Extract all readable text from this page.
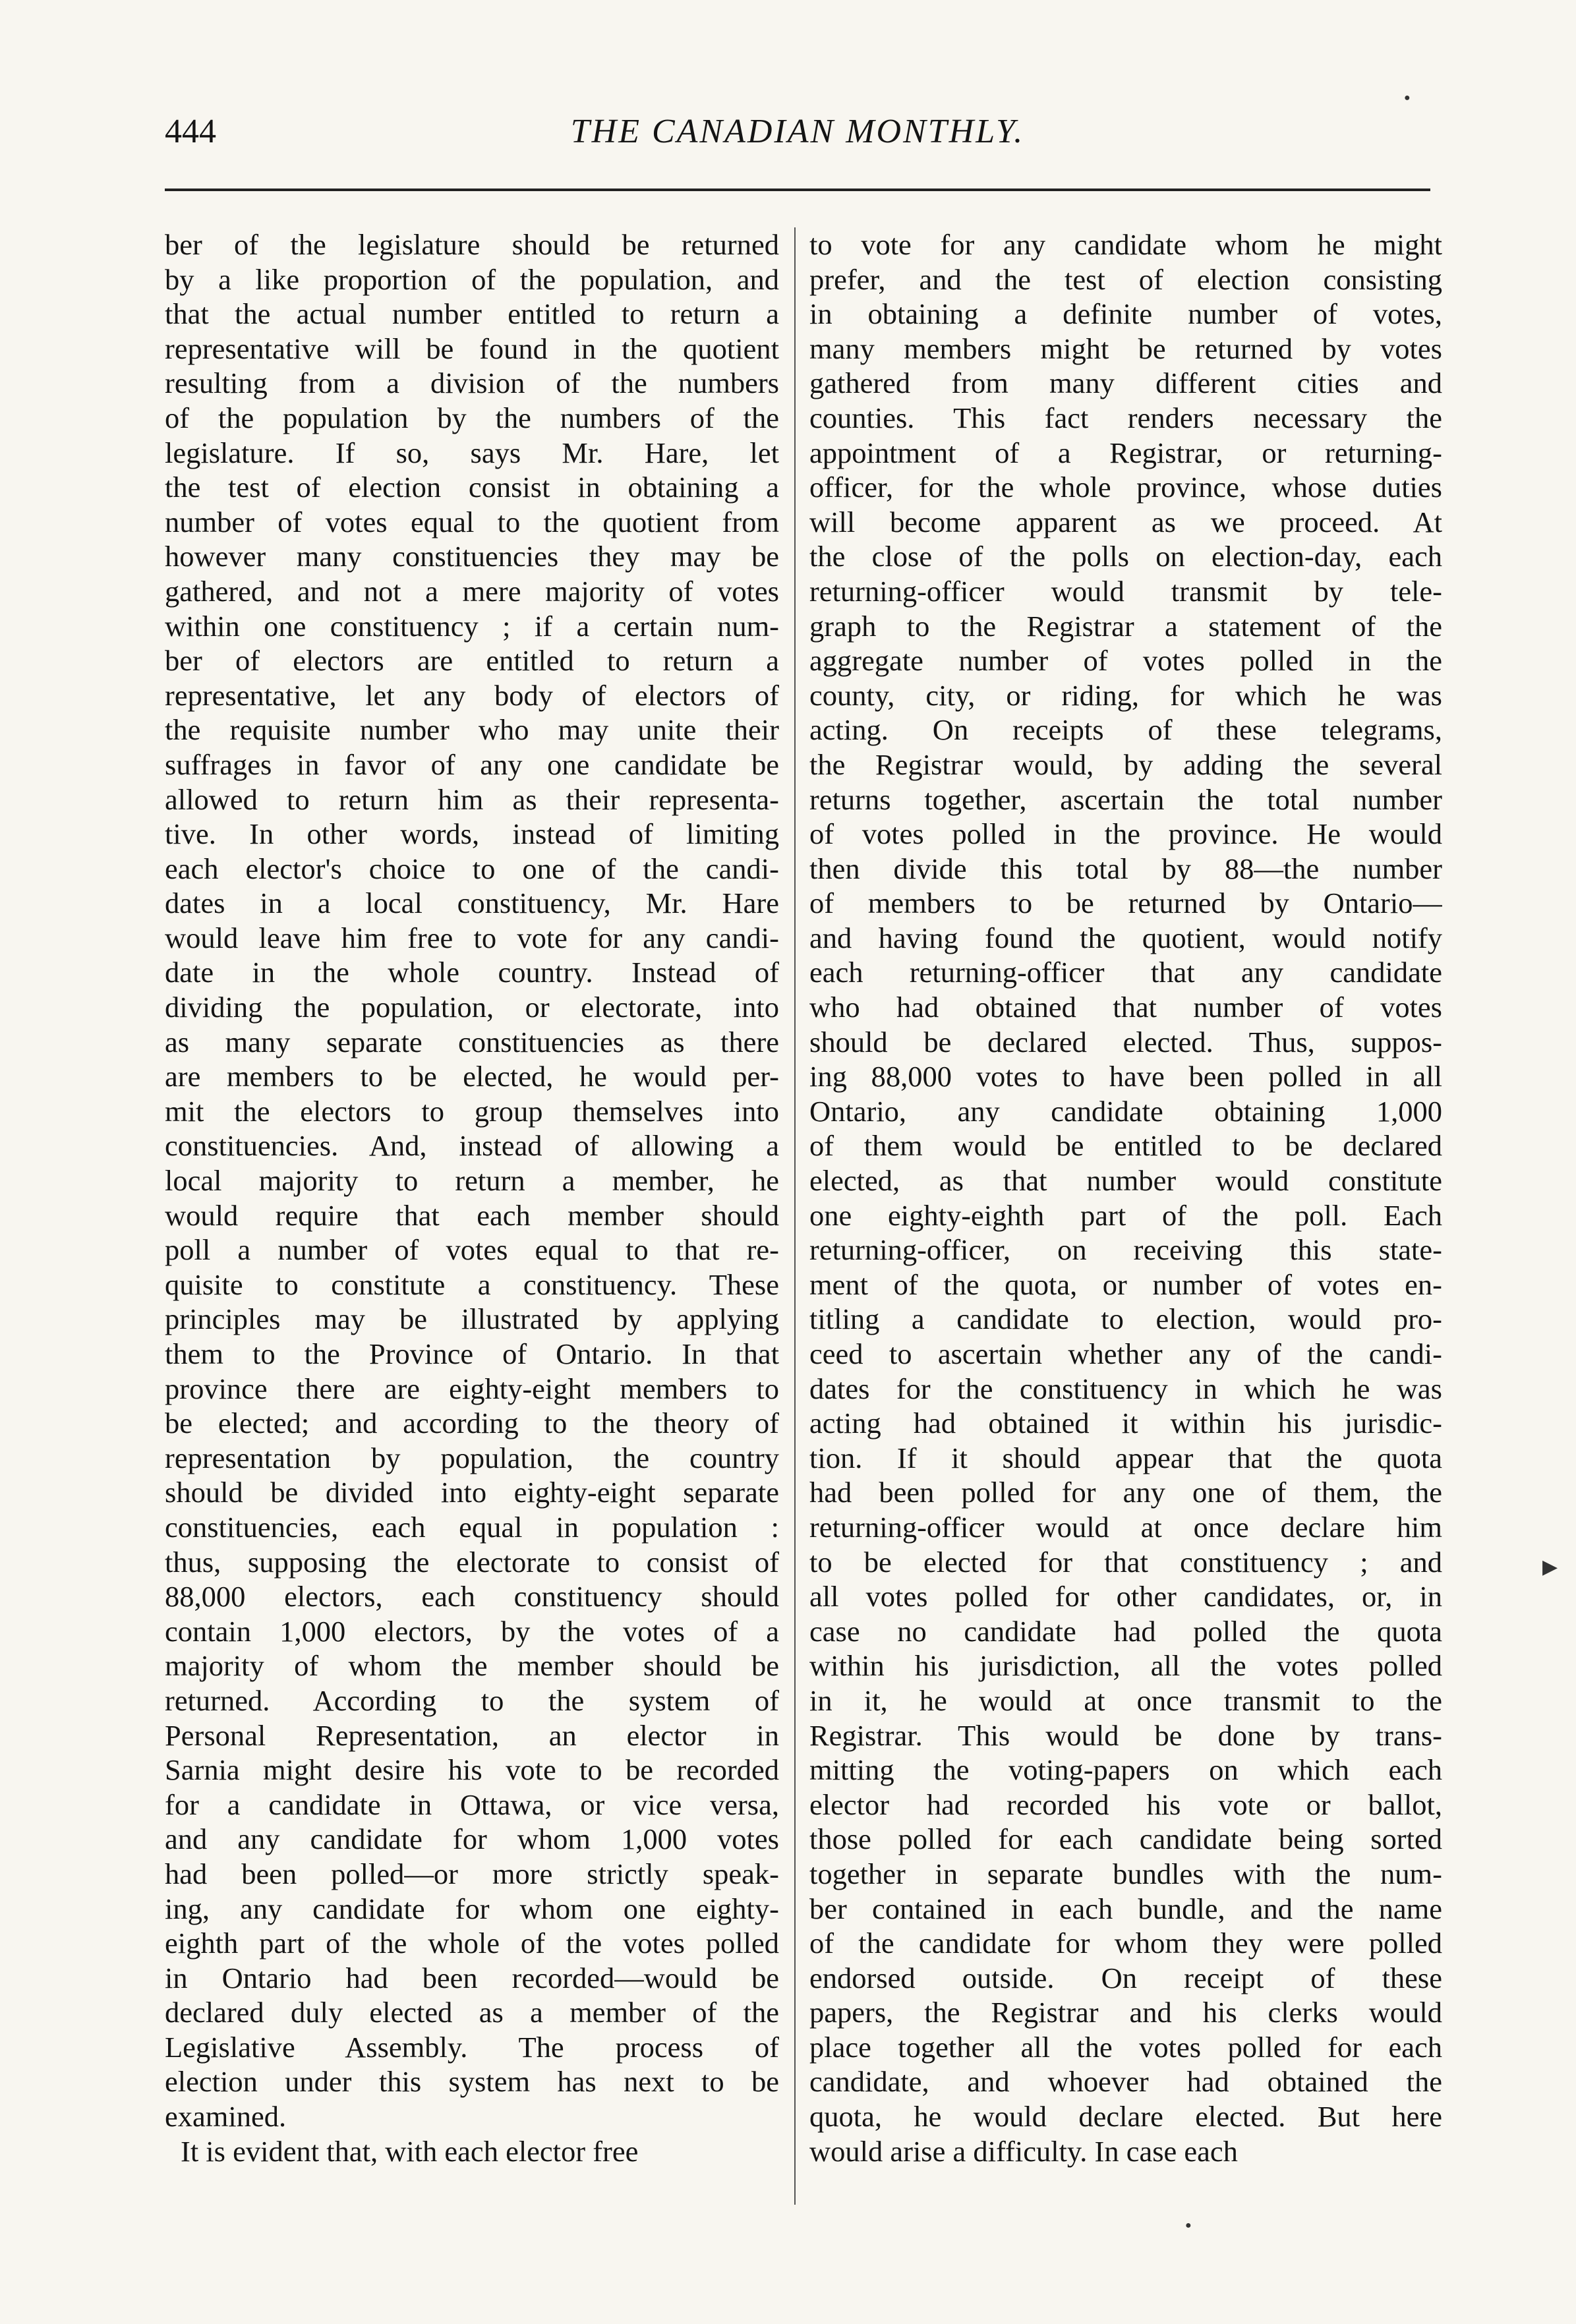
444	THE CANADIAN MONTHLY.
ber of the legislature should be returned
by a like proportion of the population, and
that the actual number entitled to return a
representative will be found in the quotient
resulting from a division of the numbers
of the population by the numbers of the
legislature. If so, says Mr. Hare, let
the test of election consist in obtaining a
number of votes equal to the quotient from
however many constituencies they may be
gathered, and not a mere majority of votes
within one constituency ; if a certain num-
ber of electors are entitled to return a
representative, let any body of electors of
the requisite number who may unite their
suffrages in favor of any one candidate be
allowed to return him as their representa-
tive. In other words, instead of limiting
each elector's choice to one of the candi-
dates in a local constituency, Mr. Hare
would leave him free to vote for any candi-
date in the whole country. Instead of
dividing the population, or electorate, into
as many separate constituencies as there
are members to be elected, he would per-
mit the electors to group themselves into
constituencies. And, instead of allowing a
local majority to return a member, he
would require that each member should
poll a number of votes equal to that re-
quisite to constitute a constituency. These
principles may be illustrated by applying
them to the Province of Ontario. In that
province there are eighty-eight members to
be elected; and according to the theory of
representation by population, the country
should be divided into eighty-eight separate
constituencies, each equal in population :
thus, supposing the electorate to consist of
88,000 electors, each constituency should
contain 1,000 electors, by the votes of a
majority of whom the member should be
returned. According to the system of
Personal Representation, an elector in
Sarnia might desire his vote to be recorded
for a candidate in Ottawa, or vice versa,
and any candidate for whom 1,000 votes
had been polled—or more strictly speak-
ing, any candidate for whom one eighty-
eighth part of the whole of the votes polled
in Ontario had been recorded—would be
declared duly elected as a member of the
Legislative Assembly. The process of
election under this system has next to be
examined.
It is evident that, with each elector free
to vote for any candidate whom he might
prefer, and the test of election consisting
in obtaining a definite number of votes,
many members might be returned by votes
gathered from many different cities and
counties. This fact renders necessary the
appointment of a Registrar, or returning-
officer, for the whole province, whose duties
will become apparent as we proceed. At
the close of the polls on election-day, each
returning-officer would transmit by tele-
graph to the Registrar a statement of the
aggregate number of votes polled in the
county, city, or riding, for which he was
acting. On receipts of these telegrams,
the Registrar would, by adding the several
returns together, ascertain the total number
of votes polled in the province. He would
then divide this total by 88—the number
of members to be returned by Ontario—
and having found the quotient, would notify
each returning-officer that any candidate
who had obtained that number of votes
should be declared elected. Thus, suppos-
ing 88,000 votes to have been polled in all
Ontario, any candidate obtaining 1,000
of them would be entitled to be declared
elected, as that number would constitute
one eighty-eighth part of the poll. Each
returning-officer, on receiving this state-
ment of the quota, or number of votes en-
titling a candidate to election, would pro-
ceed to ascertain whether any of the candi-
dates for the constituency in which he was
acting had obtained it within his jurisdic-
tion. If it should appear that the quota
had been polled for any one of them, the
returning-officer would at once declare him
to be elected for that constituency ; and
all votes polled for other candidates, or, in
case no candidate had polled the quota
within his jurisdiction, all the votes polled
in it, he would at once transmit to the
Registrar. This would be done by trans-
mitting the voting-papers on which each
elector had recorded his vote or ballot,
those polled for each candidate being sorted
together in separate bundles with the num-
ber contained in each bundle, and the name
of the candidate for whom they were polled
endorsed outside. On receipt of these
papers, the Registrar and his clerks would
place together all the votes polled for each
candidate, and whoever had obtained the
quota, he would declare elected. But here
would arise a difficulty. In case each
▶
●
●
